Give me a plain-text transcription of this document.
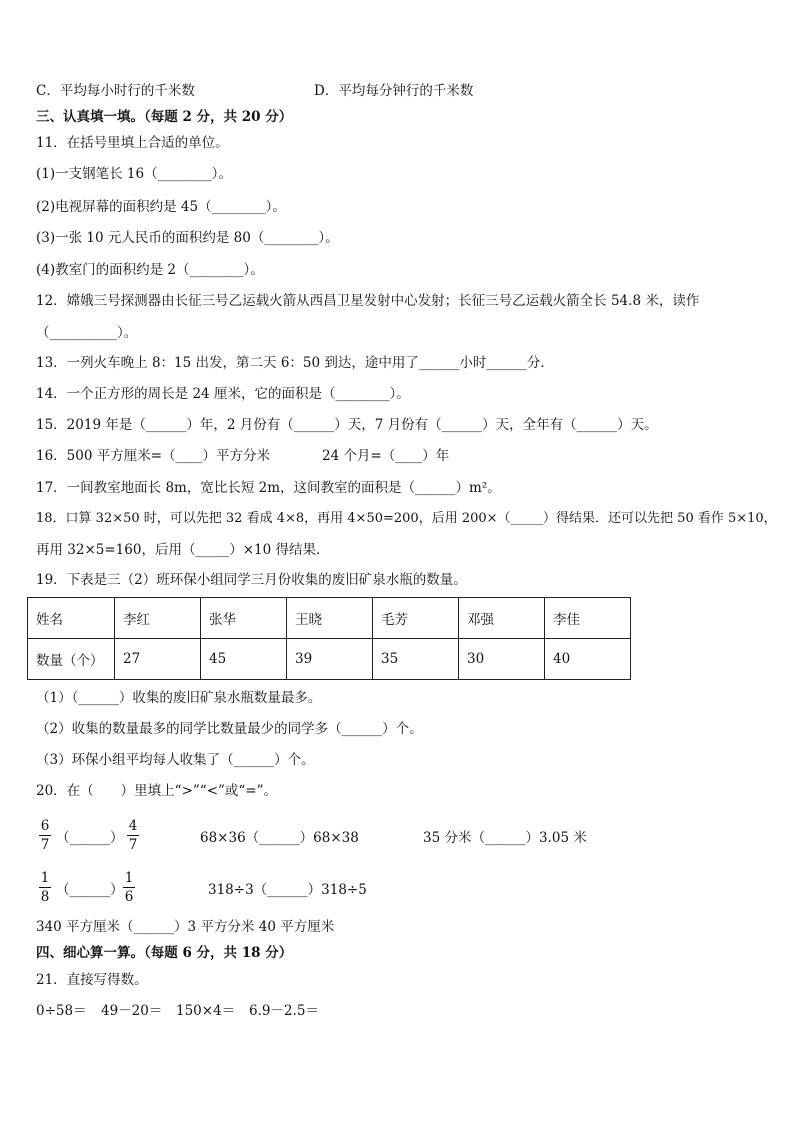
C．平均每小时行的千米数	D．平均每分钟行的千米数
三、认真填一填。（每题 2 分，共 20 分）
11．在括号里填上合适的单位。
(1)一支钢笔长 16（________）。
(2)电视屏幕的面积约是 45（________）。
(3)一张 10 元人民币的面积约是 80（________）。
(4)教室门的面积约是 2（________）。
12．嫦娥三号探测器由长征三号乙运载火箭从西昌卫星发射中心发射；长征三号乙运载火箭全长 54.8 米，读作
（__________）。
13．一列火车晚上 8：15 出发，第二天 6：50 到达，途中用了______小时______分．
14．一个正方形的周长是 24 厘米，它的面积是（________）。
15．2019 年是（______）年，2 月份有（______）天，7 月份有（______）天，全年有（______）天。
16．500 平方厘米=（____）平方分米	24 个月=（____）年
17．一间教室地面长 8m，宽比长短 2m，这间教室的面积是（______）m²。
18．口算 32×50 时，可以先把 32 看成 4×8，再用 4×50=200，后用 200×（_____）得结果．还可以先把 50 看作 5×10，
再用 32×5=160，后用（_____）×10 得结果．
19．下表是三（2）班环保小组同学三月份收集的废旧矿泉水瓶的数量。
姓名	李红	张华	王晓	毛芳	邓强	李佳
数量（个）	27	45	39	35	30	40
（1）（______）收集的废旧矿泉水瓶数量最多。
（2）收集的数量最多的同学比数量最少的同学多（______）个。
（3）环保小组平均每人收集了（______）个。
20．在（　　）里填上“>”“<”或“=”。
6
7 （______）
4
7	68×36（______）68×38	35 分米（______）3.05 米
1
8 （______）
1
6	318÷3（______）318÷5
340 平方厘米（______）3 平方分米 40 平方厘米
四、细心算一算。（每题 6 分，共 18 分）
21．直接写得数。
0÷58＝ 49－20＝ 150×4＝ 6.9－2.5＝
